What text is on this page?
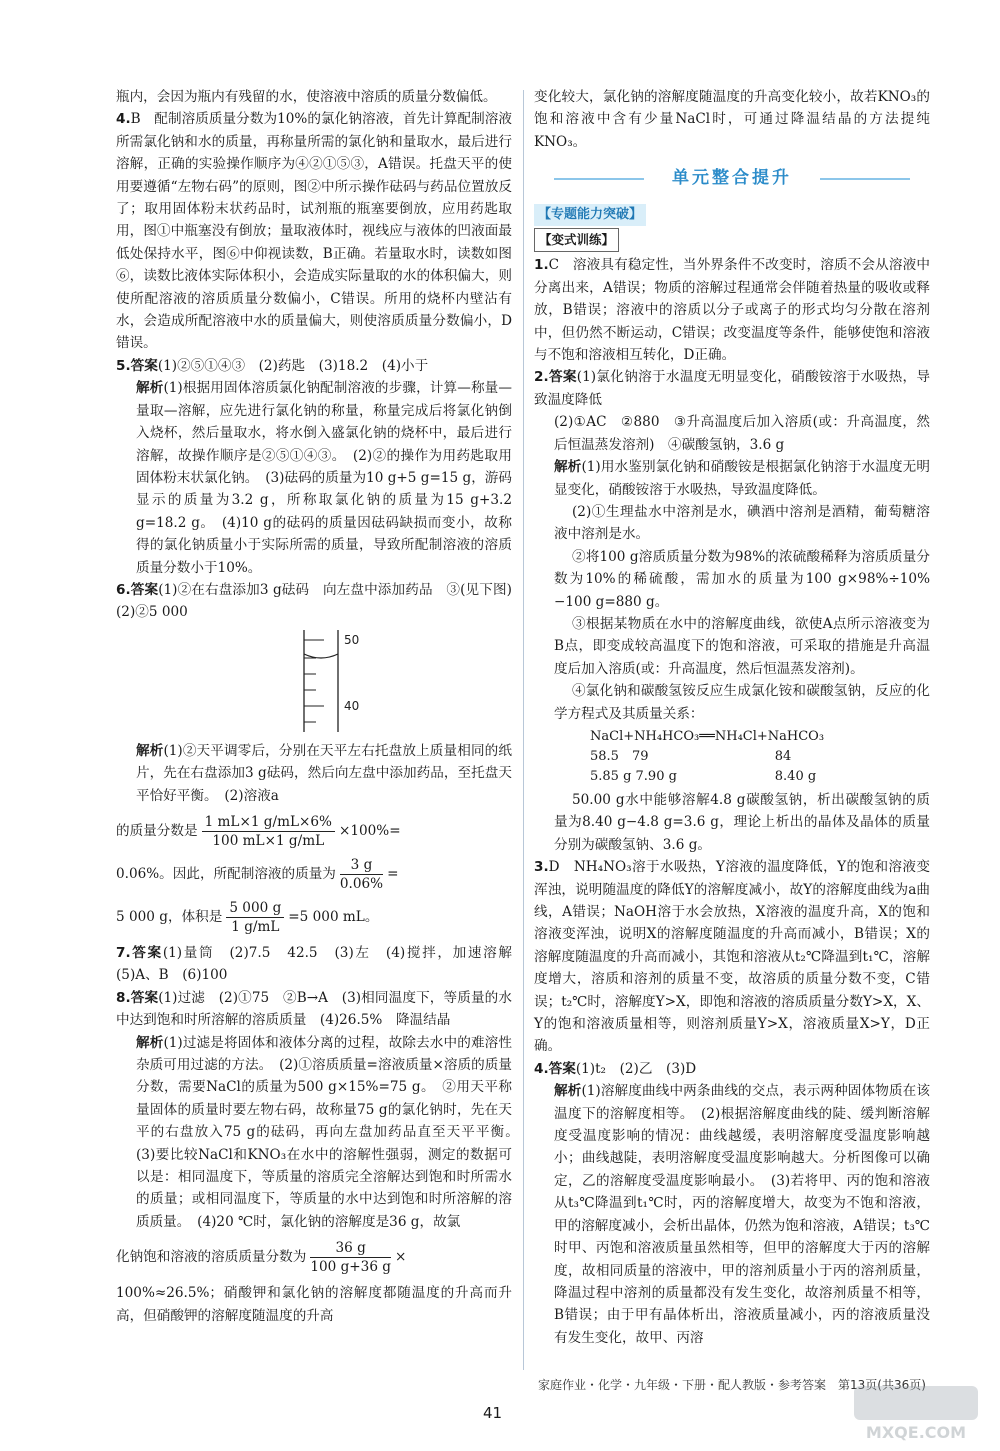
瓶内，会因为瓶内有残留的水，使溶液中溶质的质量分数偏低。

4.B　配制溶质质量分数为10%的氯化钠溶液，首先计算配制溶液所需氯化钠和水的质量，再称量所需的氯化钠和量取水，最后进行溶解，正确的实验操作顺序为④②①⑤③，A错误。托盘天平的使用要遵循“左物右码”的原则，图②中所示操作砝码与药品位置放反了；取用固体粉末状药品时，试剂瓶的瓶塞要倒放，应用药匙取用，图①中瓶塞没有倒放；量取液体时，视线应与液体的凹液面最低处保持水平，图⑥中仰视读数，B正确。若量取水时，读数如图⑥，读数比液体实际体积小，会造成实际量取的水的体积偏大，则使所配溶液的溶质质量分数偏小，C错误。所用的烧杯内壁沾有水，会造成所配溶液中水的质量偏大，则使溶质质量分数偏小，D错误。

5.答案(1)②⑤①④③　(2)药匙　(3)18.2　(4)小于

解析(1)根据用固体溶质氯化钠配制溶液的步骤，计算—称量—量取—溶解，应先进行氯化钠的称量，称量完成后将氯化钠倒入烧杯，然后量取水，将水倒入盛氯化钠的烧杯中，最后进行溶解，故操作顺序是②⑤①④③。　(2)②的操作为用药匙取用固体粉末状氯化钠。　(3)砝码的质量为10 g+5 g=15 g，游码显示的质量为3.2 g，所称取氯化钠的质量为15 g+3.2 g=18.2 g。　(4)10 g的砝码的质量因砝码缺损而变小，故称得的氯化钠质量小于实际所需的质量，导致所配制溶液的溶质质量分数小于10%。

6.答案(1)②在右盘添加3 g砝码　向左盘中添加药品　③(见下图)　(2)②5 000

50
40

解析(1)②天平调零后，分别在天平左右托盘放上质量相同的纸片，先在右盘添加3 g砝码，然后向左盘中添加药品，至托盘天平恰好平衡。　(2)溶液a

的质量分数是 $\frac{1 mL\times 1 g/mL\times 6\%}{100 mL\times 1 g/mL} \times 100\%=$

0.06%。因此，所配制溶液的质量为 $\frac{3 g}{0.06\%}$ =

5 000 g，体积是 $\frac{5 000 g}{1 g/mL} =5$ 000 mL。

7.答案(1)量筒　(2)7.5　42.5　(3)左　(4)搅拌，加速溶解　(5)A、B　(6)100

8.答案(1)过滤　(2)①75　②B→A　(3)相同温度下，等质量的水中达到饱和时所溶解的溶质质量　(4)26.5%　降温结晶

解析(1)过滤是将固体和液体分离的过程，故除去水中的难溶性杂质可用过滤的方法。　(2)①溶质质量=溶液质量×溶质的质量分数，需要NaCl的质量为500 g×15%=75 g。　②用天平称量固体的质量时要左物右码，故称量75 g的氯化钠时，先在天平的右盘放入75 g的砝码，再向左盘加药品直至天平平衡。　(3)要比较NaCl和KNO₃在水中的溶解性强弱，测定的数据可以是：相同温度下，等质量的溶质完全溶解达到饱和时所需水的质量；或相同温度下，等质量的水中达到饱和时所溶解的溶质质量。　(4)20 ℃时，氯化钠的溶解度是36 g，故氯

化钠饱和溶液的溶质质量分数为 $\frac{36 g}{100 g+36 g}$ ×

100%≈26.5%；硝酸钾和氯化钠的溶解度都随温度的升高而升高，但硝酸钾的溶解度随温度的升高

变化较大，氯化钠的溶解度随温度的升高变化较小，故若KNO₃的饱和溶液中含有少量NaCl时，可通过降温结晶的方法提纯KNO₃。

单元整合提升
【专题能力突破】
【变式训练】

1.C　溶液具有稳定性，当外界条件不改变时，溶质不会从溶液中分离出来，A错误；物质的溶解过程通常会伴随着热量的吸收或释放，B错误；溶液中的溶质以分子或离子的形式均匀分散在溶剂中，但仍然不断运动，C错误；改变温度等条件，能够使饱和溶液与不饱和溶液相互转化，D正确。

2.答案(1)氯化钠溶于水温度无明显变化，硝酸铵溶于水吸热，导致温度降低

(2)①AC　②880　③升高温度后加入溶质(或：升高温度，然后恒温蒸发溶剂)　④碳酸氢钠，3.6 g

解析(1)用水鉴别氯化钠和硝酸铵是根据氯化钠溶于水温度无明显变化，硝酸铵溶于水吸热，导致温度降低。

(2)①生理盐水中溶剂是水，碘酒中溶剂是酒精，葡萄糖溶液中溶剂是水。

②将100 g溶质质量分数为98%的浓硫酸稀释为溶质质量分数为10%的稀硫酸，需加水的质量为100 g×98%÷10%−100 g=880 g。

③根据某物质在水中的溶解度曲线，欲使A点所示溶液变为B点，即变成较高温度下的饱和溶液，可采取的措施是升高温度后加入溶质(或：升高温度，然后恒温蒸发溶剂)。

④氯化钠和碳酸氢铵反应生成氯化铵和碳酸氢钠，反应的化学方程式及其质量关系：

NaCl+NH₄HCO₃══NH₄Cl+NaHCO₃	
58.5　79	84
5.85 g 7.90 g	8.40 g

50.00 g水中能够溶解4.8 g碳酸氢钠，析出碳酸氢钠的质量为8.40 g−4.8 g=3.6 g，理论上析出的晶体及晶体的质量分别为碳酸氢钠、3.6 g。

3.D　NH₄NO₃溶于水吸热，Y溶液的温度降低，Y的饱和溶液变浑浊，说明随温度的降低Y的溶解度减小，故Y的溶解度曲线为a曲线，A错误；NaOH溶于水会放热，X溶液的温度升高，X的饱和溶液变浑浊，说明X的溶解度随温度的升高而减小，B错误；X的溶解度随温度的升高而减小，其饱和溶液从t₂℃降温到t₁℃，溶解度增大，溶质和溶剂的质量不变，故溶质的质量分数不变，C错误；t₂℃时，溶解度Y>X，即饱和溶液的溶质质量分数Y>X，X、Y的饱和溶液质量相等，则溶剂质量Y>X，溶液质量X>Y，D正确。

4.答案(1)t₂　(2)乙　(3)D

解析(1)溶解度曲线中两条曲线的交点，表示两种固体物质在该温度下的溶解度相等。　(2)根据溶解度曲线的陡、缓判断溶解度受温度影响的情况：曲线越缓，表明溶解度受温度影响越小；曲线越陡，表明溶解度受温度影响越大。分析图像可以确定，乙的溶解度受温度影响最小。　(3)若将甲、丙的饱和溶液从t₃℃降温到t₁℃时，丙的溶解度增大，故变为不饱和溶液，甲的溶解度减小，会析出晶体，仍然为饱和溶液，A错误；t₃℃时甲、丙饱和溶液质量虽然相等，但甲的溶解度大于丙的溶解度，故相同质量的溶液中，甲的溶剂质量小于丙的溶剂质量，降温过程中溶剂的质量都没有发生变化，故溶剂质量不相等，B错误；由于甲有晶体析出，溶液质量减小，丙的溶液质量没有发生变化，故甲、丙溶

家庭作业・化学・九年级・下册・配人教版・参考答案　第13页(共36页)
41
MXQE.COM
